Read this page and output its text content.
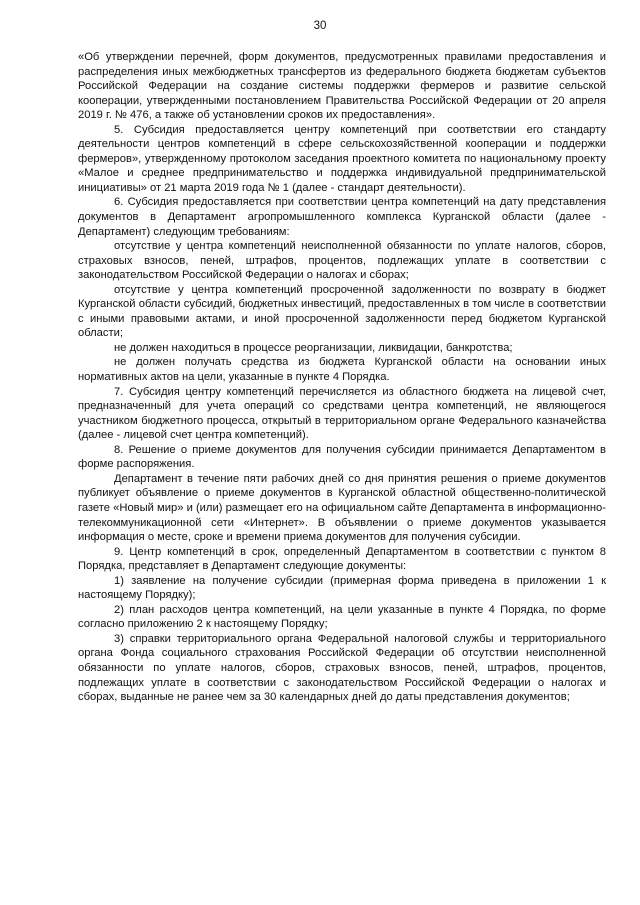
30

«Об утверждении перечней, форм документов, предусмотренных правилами предоставления и распределения иных межбюджетных трансфертов из федерального бюджета бюджетам субъектов Российской Федерации на создание системы поддержки фермеров и развитие сельской кооперации, утвержденными постановлением Правительства Российской Федерации от 20 апреля 2019 г. № 476, а также об установлении сроков их предоставления».

5. Субсидия предоставляется центру компетенций при соответствии его стандарту деятельности центров компетенций в сфере сельскохозяйственной кооперации и поддержки фермеров», утвержденному протоколом заседания проектного комитета по национальному проекту «Малое и среднее предпринимательство и поддержка индивидуальной предпринимательской инициативы» от 21 марта 2019 года № 1 (далее - стандарт деятельности).

6. Субсидия предоставляется при соответствии центра компетенций на дату представления документов в Департамент агропромышленного комплекса Курганской области (далее - Департамент) следующим требованиям:

отсутствие у центра компетенций неисполненной обязанности по уплате налогов, сборов, страховых взносов, пеней, штрафов, процентов, подлежащих уплате в соответствии с законодательством Российской Федерации о налогах и сборах;

отсутствие у центра компетенций просроченной задолженности по возврату в бюджет Курганской области субсидий, бюджетных инвестиций, предоставленных в том числе в соответствии с иными правовыми актами, и иной просроченной задолженности перед бюджетом Курганской области;

не должен находиться в процессе реорганизации, ликвидации, банкротства;

не должен получать средства из бюджета Курганской области на основании иных нормативных актов на цели, указанные в пункте 4 Порядка.

7. Субсидия центру компетенций перечисляется из областного бюджета на лицевой счет, предназначенный для учета операций со средствами центра компетенций, не являющегося участником бюджетного процесса, открытый в территориальном органе Федерального казначейства (далее - лицевой счет центра компетенций).

8. Решение о приеме документов для получения субсидии принимается Департаментом в форме распоряжения.

Департамент в течение пяти рабочих дней со дня принятия решения о приеме документов публикует объявление о приеме документов в Курганской областной общественно-политической газете «Новый мир» и (или) размещает его на официальном сайте Департамента в информационно-телекоммуникационной сети «Интернет». В объявлении о приеме документов указывается информация о месте, сроке и времени приема документов для получения субсидии.

9. Центр компетенций в срок, определенный Департаментом в соответствии с пунктом 8 Порядка, представляет в Департамент следующие документы:

1) заявление на получение субсидии (примерная форма приведена в приложении 1 к настоящему Порядку);

2) план расходов центра компетенций, на цели указанные в пункте 4 Порядка, по форме согласно приложению 2 к настоящему Порядку;

3) справки территориального органа Федеральной налоговой службы и территориального органа Фонда социального страхования Российской Федерации об отсутствии неисполненной обязанности по уплате налогов, сборов, страховых взносов, пеней, штрафов, процентов, подлежащих уплате в соответствии с законодательством Российской Федерации о налогах и сборах, выданные не ранее чем за 30 календарных дней до даты представления документов;
